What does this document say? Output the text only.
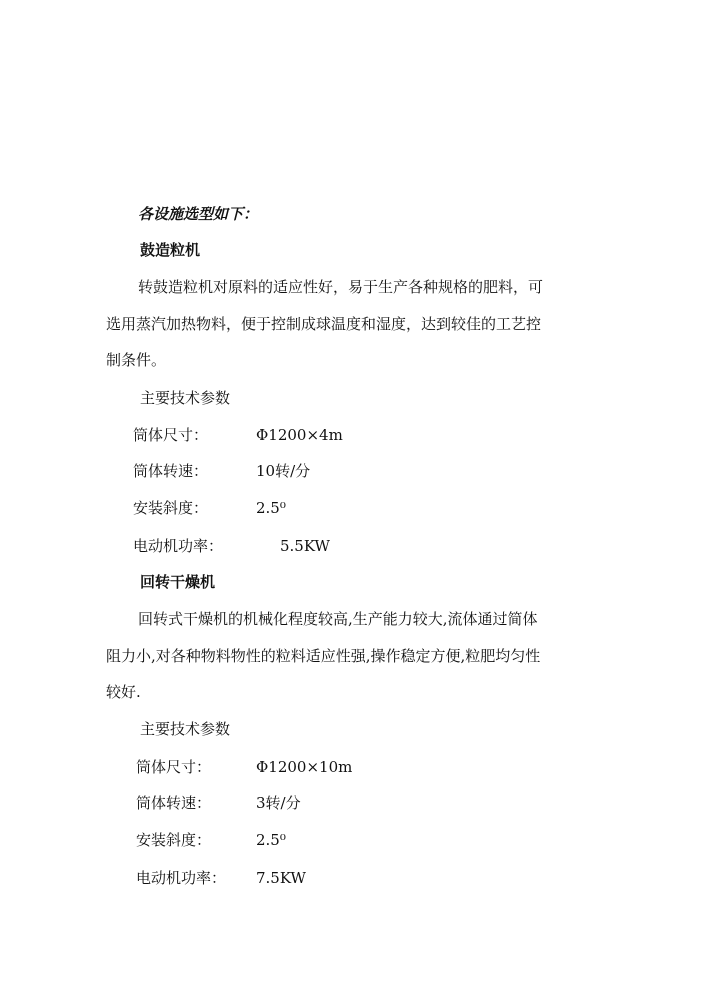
各设施选型如下：
鼓造粒机
转鼓造粒机对原料的适应性好，易于生产各种规格的肥料，可
选用蒸汽加热物料，便于控制成球温度和湿度，达到较佳的工艺控
制条件。
主要技术参数
筒体尺寸：	Φ1200×4m
筒体转速：	10转/分
安装斜度：	2.5⁰
电动机功率：	5.5KW
回转干燥机
回转式干燥机的机械化程度较高,生产能力较大,流体通过简体
阻力小,对各种物料物性的粒料适应性强,操作稳定方便,粒肥均匀性
较好.
主要技术参数
筒体尺寸：	Φ1200×10m
筒体转速：	3转/分
安装斜度：	2.5⁰
电动机功率： 7.5KW
